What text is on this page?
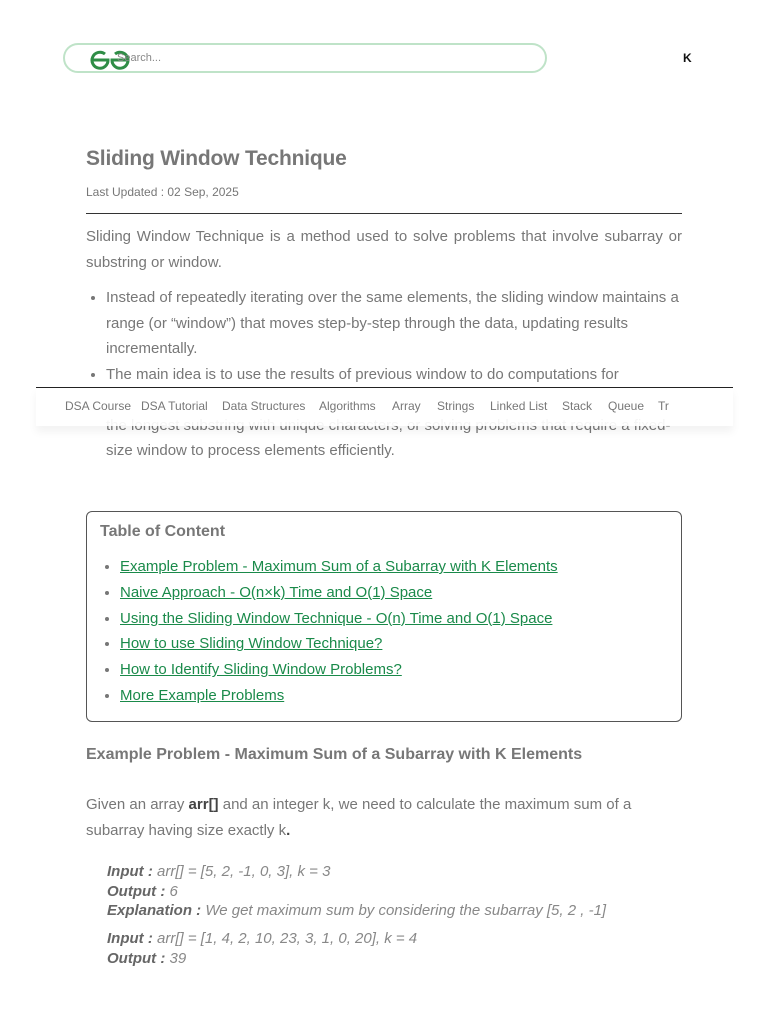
Search...	K
Sliding Window Technique
Last Updated : 02 Sep, 2025

Sliding Window Technique is a method used to solve problems that involve subarray or substring or window.

• Instead of repeatedly iterating over the same elements, the sliding window maintains a range (or “window”) that moves step-by-step through the data, updating results incrementally.
• The main idea is to use the results of previous window to do computations for
size window to process elements efficiently.
DSA Course DSA Tutorial Data Structures Algorithms Array Strings Linked List Stack Queue Tr
Table of Content
• Example Problem - Maximum Sum of a Subarray with K Elements
• Naive Approach - O(n×k) Time and O(1) Space
• Using the Sliding Window Technique - O(n) Time and O(1) Space
• How to use Sliding Window Technique?
• How to Identify Sliding Window Problems?
• More Example Problems
Example Problem - Maximum Sum of a Subarray with K Elements

Given an array arr[] and an integer k, we need to calculate the maximum sum of a subarray having size exactly k.

Input : arr[] = [5, 2, -1, 0, 3], k = 3
Output : 6
Explanation : We get maximum sum by considering the subarray [5, 2 , -1]
Input : arr[] = [1, 4, 2, 10, 23, 3, 1, 0, 20], k = 4
Output : 39
